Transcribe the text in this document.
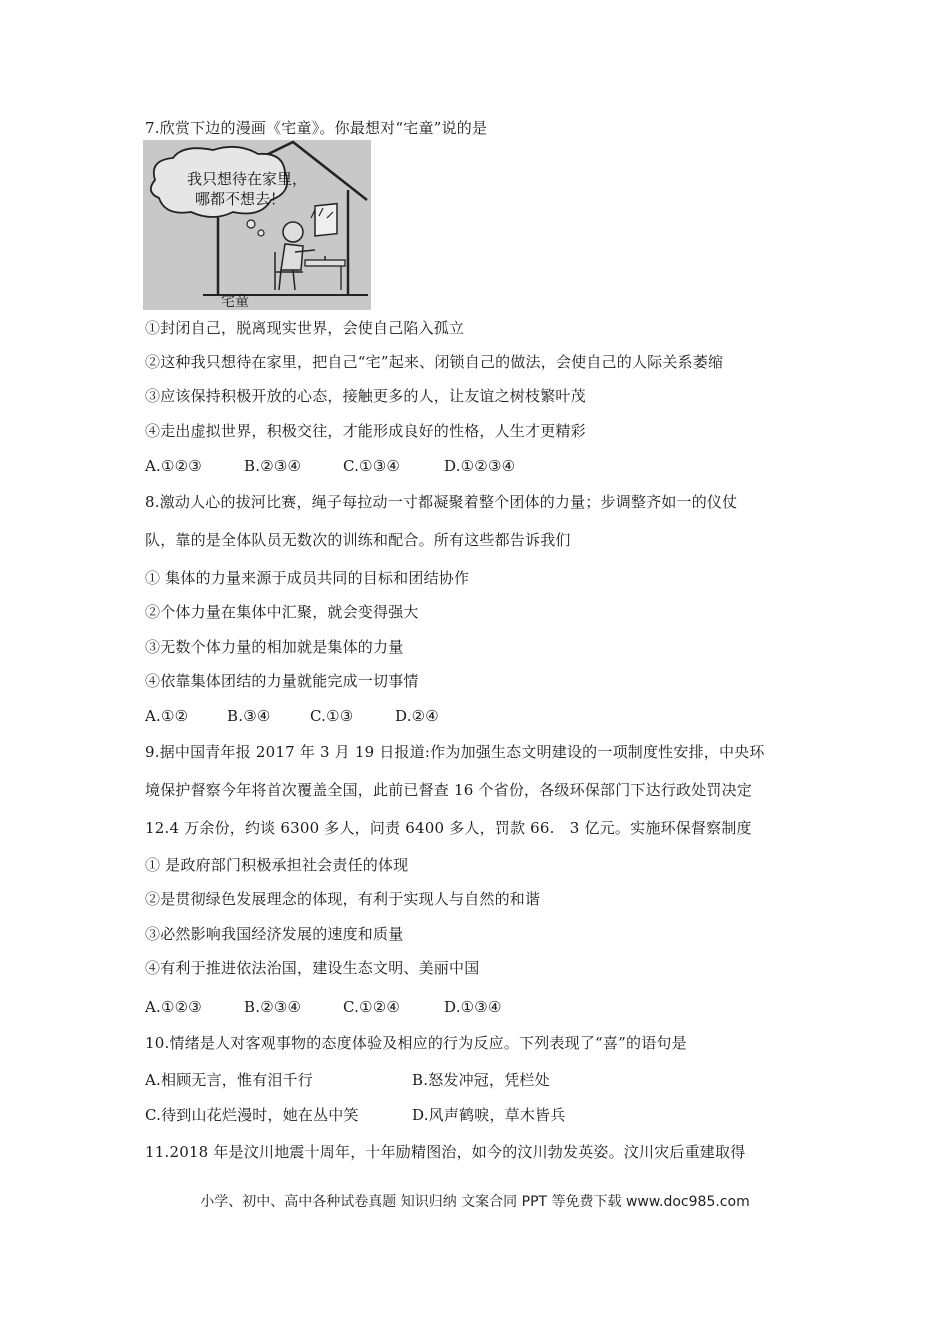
7.欣赏下边的漫画《宅童》。你最想对“宅童”说的是
我只想待在家里，
哪都不想去！
宅童
①封闭自己，脱离现实世界，会使自己陷入孤立
②这种我只想待在家里，把自己“宅”起来、闭锁自己的做法，会使自己的人际关系萎缩
③应该保持积极开放的心态，接触更多的人，让友谊之树枝繁叶茂
④走出虚拟世界，积极交往，才能形成良好的性格，人生才更精彩
A.①②③	B.②③④	C.①③④	D.①②③④
8.激动人心的拔河比赛，绳子每拉动一寸都凝聚着整个团体的力量；步调整齐如一的仪仗
队，靠的是全体队员无数次的训练和配合。所有这些都告诉我们
① 集体的力量来源于成员共同的目标和团结协作
②个体力量在集体中汇聚，就会变得强大
③无数个体力量的相加就是集体的力量
④依靠集体团结的力量就能完成一切事情
A.①②	B.③④	C.①③	D.②④
9.据中国青年报 2017 年 3 月 19 日报道:作为加强生态文明建设的一项制度性安排，中央环
境保护督察今年将首次覆盖全国，此前已督查 16 个省份，各级环保部门下达行政处罚决定
12.4 万余份，约谈 6300 多人，问责 6400 多人，罚款 66.　3 亿元。实施环保督察制度
① 是政府部门积极承担社会责任的体现
②是贯彻绿色发展理念的体现，有利于实现人与自然的和谐
③必然影响我国经济发展的速度和质量
④有利于推进依法治国，建设生态文明、美丽中国
A.①②③	B.②③④	C.①②④	D.①③④
10.情绪是人对客观事物的态度体验及相应的行为反应。下列表现了“喜”的语句是
A.相顾无言，惟有泪千行	B.怒发冲冠，凭栏处
C.待到山花烂漫时，她在丛中笑	D.风声鹤唳，草木皆兵
11.2018 年是汶川地震十周年，十年励精图治，如今的汶川勃发英姿。汶川灾后重建取得
小学、初中、高中各种试卷真题 知识归纳 文案合同 PPT 等免费下载 www.doc985.com
